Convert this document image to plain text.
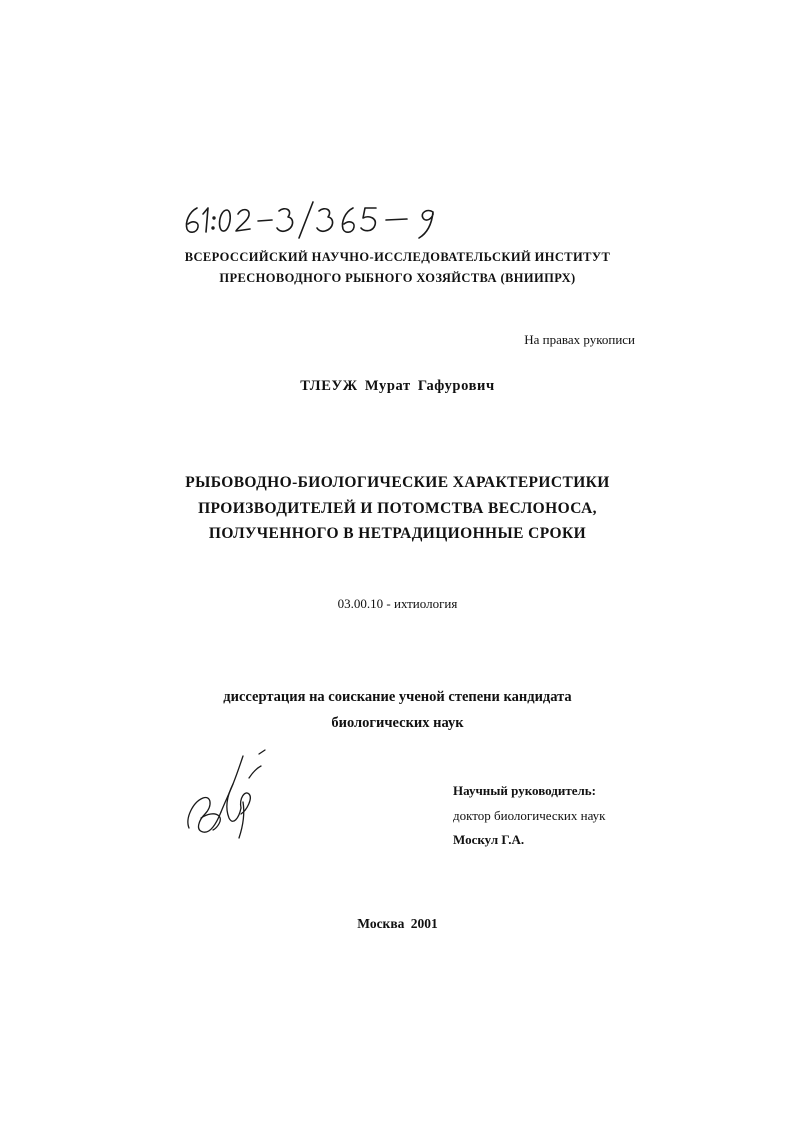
ВСЕРОССИЙСКИЙ НАУЧНО-ИССЛЕДОВАТЕЛЬСКИЙ ИНСТИТУТ
ПРЕСНОВОДНОГО РЫБНОГО ХОЗЯЙСТВА (ВНИИПРХ)
На правах рукописи
ТЛЕУЖ Мурат Гафурович
РЫБОВОДНО-БИОЛОГИЧЕСКИЕ ХАРАКТЕРИСТИКИ
ПРОИЗВОДИТЕЛЕЙ И ПОТОМСТВА ВЕСЛОНОСА,
ПОЛУЧЕННОГО В НЕТРАДИЦИОННЫЕ СРОКИ
03.00.10 - ихтиология
диссертация на соискание ученой степени кандидата
биологических наук
Научный руководитель:
доктор биологических наук
Москул Г.А.
Москва 2001
